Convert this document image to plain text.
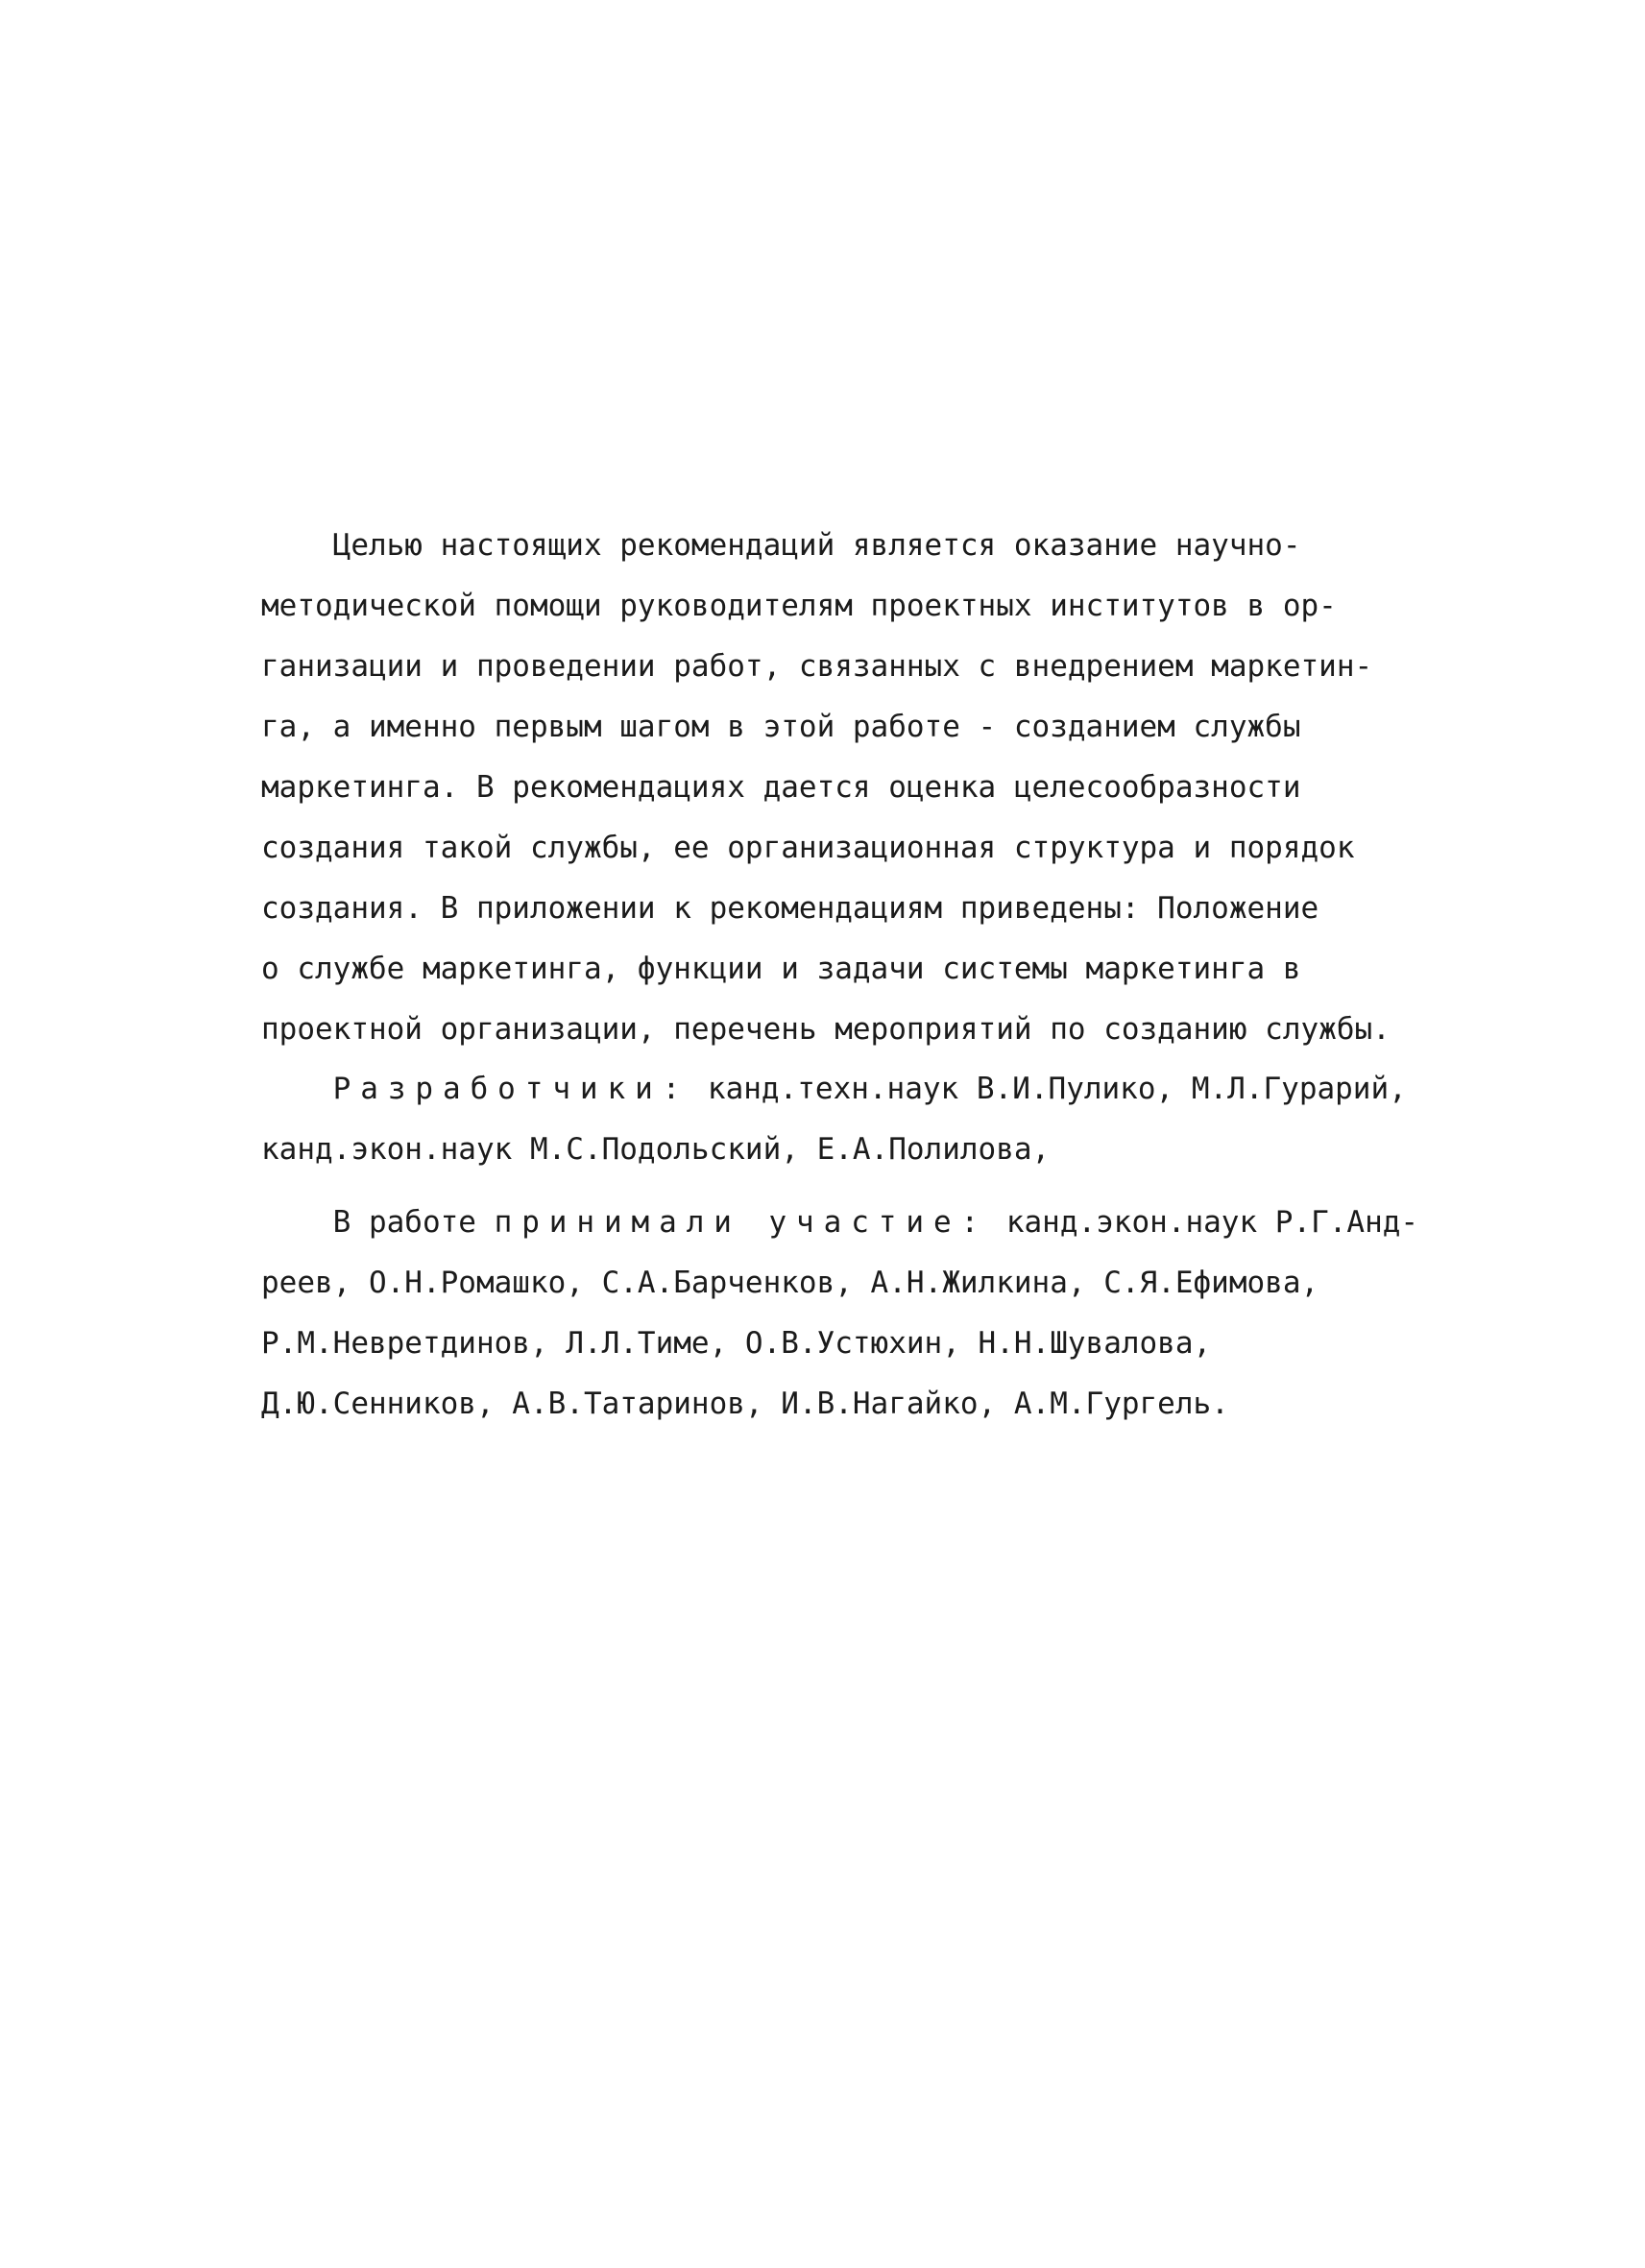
Целью настоящих рекомендаций является оказание научно-
методической помощи руководителям проектных институтов в ор-
ганизации и проведении работ, связанных с внедрением маркетин-
га, а именно первым шагом в этой работе - созданием службы
маркетинга. В рекомендациях дается оценка целесообразности
создания такой службы, ее организационная структура и порядок
создания. В приложении к рекомендациям приведены: Положение
о службе маркетинга, функции и задачи системы маркетинга в
проектной организации, перечень мероприятий по созданию службы.
Разработчики: канд.техн.наук В.И.Пулико, М.Л.Гурарий,
канд.экон.наук М.С.Подольский, Е.А.Полилова,
В работе принимали участие: канд.экон.наук Р.Г.Анд-
реев, О.Н.Ромашко, С.А.Барченков, А.Н.Жилкина, С.Я.Ефимова,
Р.М.Невретдинов, Л.Л.Тиме, О.В.Устюхин, Н.Н.Шувалова,
Д.Ю.Сенников, А.В.Татаринов, И.В.Нагайко, А.М.Гургель.
